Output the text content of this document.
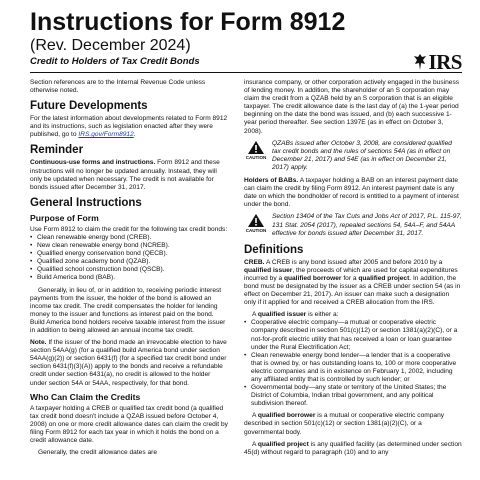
Instructions for Form 8912
(Rev. December 2024)
Credit to Holders of Tax Credit Bonds	IRS

Section references are to the Internal Revenue Code unless otherwise noted.

Future Developments

For the latest information about developments related to Form 8912 and its instructions, such as legislation enacted after they were published, go to IRS.gov/Form8912.

Reminder

Continuous-use forms and instructions. Form 8912 and these instructions will no longer be updated annually. Instead, they will only be updated when necessary. The credit is not available for bonds issued after December 31, 2017.

General Instructions
Purpose of Form

Use Form 8912 to claim the credit for the following tax credit bonds:

• Clean renewable energy bond (CREB).
• New clean renewable energy bond (NCREB).
• Qualified energy conservation bond (QECB).
• Qualified zone academy bond (QZAB).
• Qualified school construction bond (QSCB).
• Build America bond (BAB).

Generally, in lieu of, or in addition to, receiving periodic interest payments from the issuer, the holder of the bond is allowed an income tax credit. The credit compensates the holder for lending money to the issuer and functions as interest paid on the bond. Build America bond holders receive taxable interest from the issuer in addition to being allowed an annual income tax credit.

Note. If the issuer of the bond made an irrevocable election to have section 54AA(g) (for a qualified build America bond under section 54AA(g)(2)) or section 6431(f) (for a specified tax credit bond under section 6431(f)(3)(A)) apply to the bonds and receive a refundable credit under section 6431(a), no credit is allowed to the holder under section 54A or 54AA, respectively, for that bond.

Who Can Claim the Credits

A taxpayer holding a CREB or qualified tax credit bond (a qualified tax credit bond doesn't include a QZAB issued before October 4, 2008) on one or more credit allowance dates can claim the credit by filing Form 8912 for each tax year in which it holds the bond on a credit allowance date.

Generally, the credit allowance dates are

insurance company, or other corporation actively engaged in the business of lending money. In addition, the shareholder of an S corporation may claim the credit from a QZAB held by an S corporation that is an eligible taxpayer. The credit allowance date is the last day of (a) the 1-year period beginning on the date the bond was issued, and (b) each successive 1-year period thereafter. See section 1397E (as in effect on October 3, 2008).

CAUTION
QZABs issued after October 3, 2008, are considered qualified tax credit bonds and the rules of sections 54A (as in effect on December 21, 2017) and 54E (as in effect on December 21, 2017) apply.

Holders of BABs. A taxpayer holding a BAB on an interest payment date can claim the credit by filing Form 8912. An interest payment date is any date on which the bondholder of record is entitled to a payment of interest under the bond.

CAUTION
Section 13404 of the Tax Cuts and Jobs Act of 2017, P.L. 115-97, 131 Stat. 2054 (2017), repealed sections 54, 54A–F, and 54AA effective for bonds issued after December 31, 2017.
Definitions

CREB. A CREB is any bond issued after 2005 and before 2010 by a qualified issuer, the proceeds of which are used for capital expenditures incurred by a qualified borrower for a qualified project. In addition, the bond must be designated by the issuer as a CREB under section 54 (as in effect on December 21, 2017). An issuer can make such a designation only if it applied for and received a CREB allocation from the IRS.

A qualified issuer is either a:

• Cooperative electric company—a mutual or cooperative electric company described in section 501(c)(12) or section 1381(a)(2)(C), or a not-for-profit electric utility that has received a loan or loan guarantee under the Rural Electrification Act;
• Clean renewable energy bond lender—a lender that is a cooperative that is owned by, or has outstanding loans to, 100 or more cooperative electric companies and is in existence on February 1, 2002, including any affiliated entity that is controlled by such lender; or
• Governmental body—any state or territory of the United States; the District of Columbia, Indian tribal government, and any political subdivision thereof.

A qualified borrower is a mutual or cooperative electric company described in section 501(c)(12) or section 1381(a)(2)(C), or a governmental body.

A qualified project is any qualified facility (as determined under section 45(d) without regard to paragraph (10) and to any
